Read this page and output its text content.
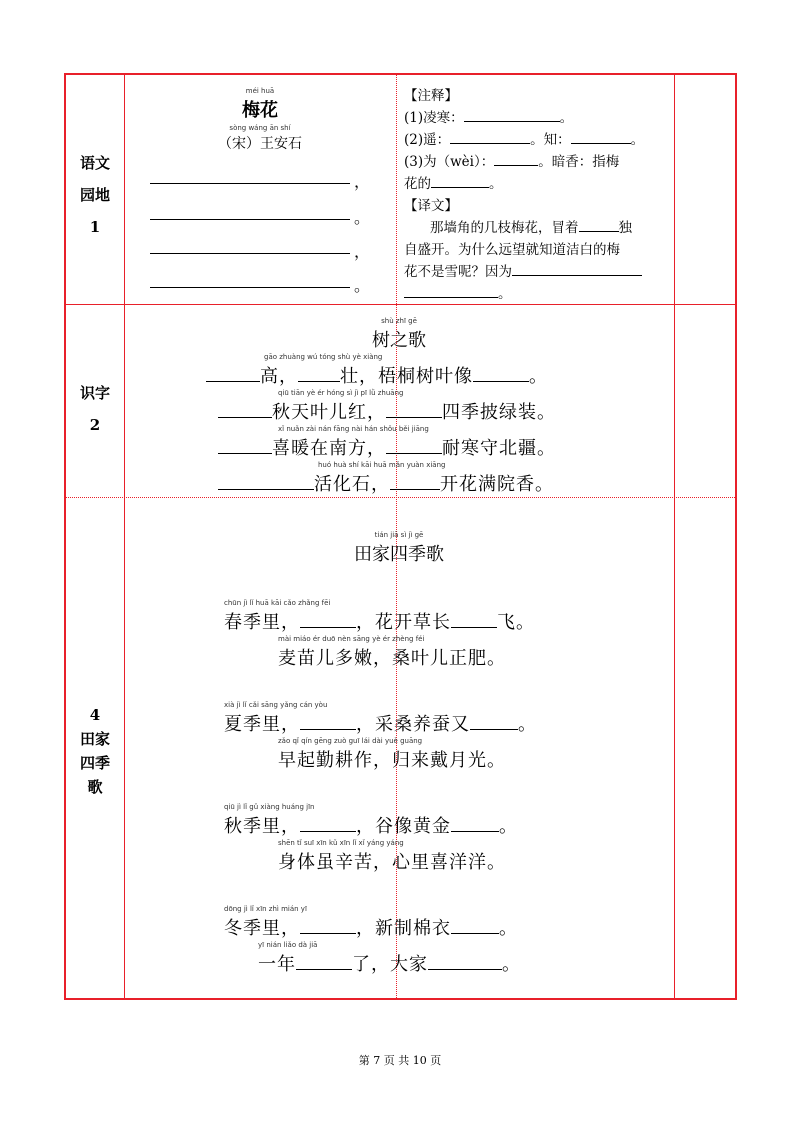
语文
园地
1
méi huā
梅花
sòng wáng ān shí
（宋）王安石
，
。
，
。
【注释】
(1)凌寒：	。
(2)遥：	。知：	。
(3)为（wèi）：	。暗香：指梅
花的	。
【译文】
那墙角的几枝梅花，冒着	独
自盛开。为什么远望就知道洁白的梅
花不是雪呢？因为
。
识字
2
shù zhī gē
树之歌
gāo zhuàng wú tóng shù yè xiàng
高， 壮，梧桐树叶像	。
qiū tiān yè ér hóng sì jì pī lǜ zhuāng
秋天叶儿红，	四季披绿装。
xǐ nuǎn zài nán fāng nài hán shǒu běi jiāng
喜暖在南方，	耐寒守北疆。
huó huà shí kāi huā mǎn yuàn xiāng
活化石，	开花满院香。
4
田家
四季
歌
tián jiā sì jì gē
田家四季歌
chūn jì lǐ huā kāi cǎo zhǎng fēi
春季里，	，花开草长	飞。
mài miáo ér duō nèn sāng yè ér zhèng féi
麦苗儿多嫩，桑叶儿正肥。
xià jì lǐ cǎi sāng yǎng cán yòu
夏季里，	，采桑养蚕又	。
zǎo qǐ qín gēng zuò guī lái dài yuè guāng
早起勤耕作，归来戴月光。
qiū jì lǐ gǔ xiàng huáng jīn
秋季里，	，谷像黄金	。
shēn tǐ suī xīn kǔ xīn lǐ xǐ yáng yáng
身体虽辛苦，心里喜洋洋。
dōng jì lǐ xīn zhì mián yī
冬季里，	，新制棉衣	。
yī nián liǎo dà jiā
一年	了，大家	。
第 7 页 共 10 页
